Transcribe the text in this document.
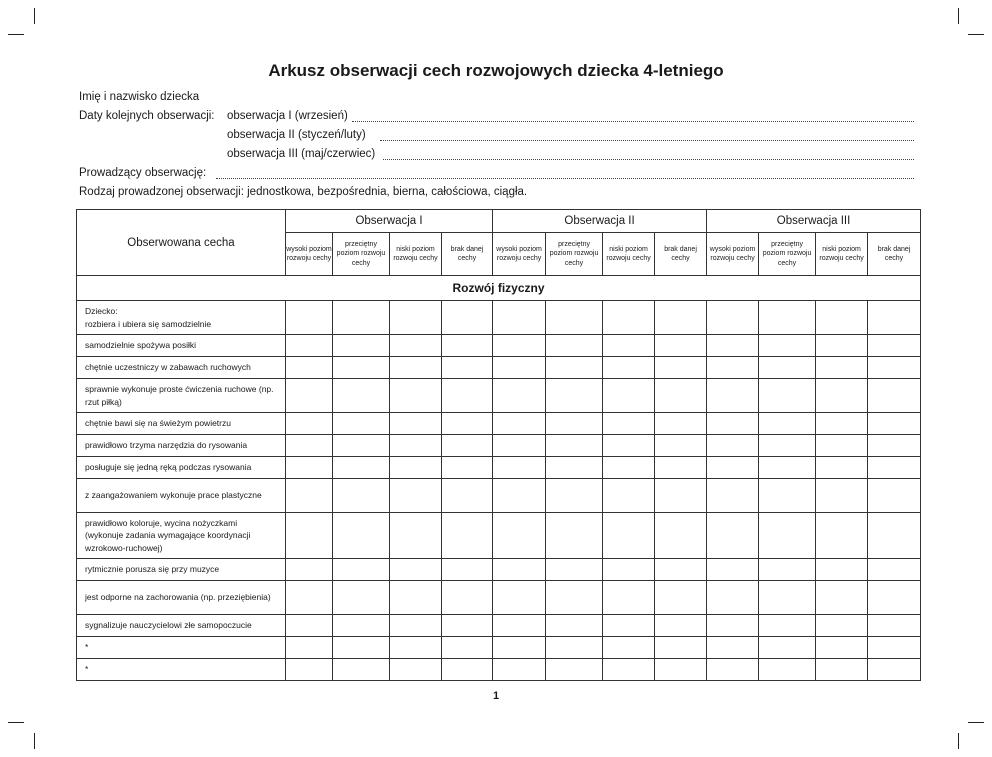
Arkusz obserwacji cech rozwojowych dziecka 4-letniego
Imię i nazwisko dziecka
Daty kolejnych obserwacji: obserwacja I (wrzesień)
obserwacja II (styczeń/luty)
obserwacja III (maj/czerwiec)
Prowadzący obserwację:
Rodzaj prowadzonej obserwacji: jednostkowa, bezpośrednia, bierna, całościowa, ciągła.
Obserwowana cecha	Obserwacja I				Obserwacja II				Obserwacja III			
	wysoki poziom rozwoju cechy	przeciętny poziom rozwoju cechy	niski poziom rozwoju cechy	brak danej cechy	wysoki poziom rozwoju cechy	przeciętny poziom rozwoju cechy	niski poziom rozwoju cechy	brak danej cechy	wysoki poziom rozwoju cechy	przeciętny poziom rozwoju cechy	niski poziom rozwoju cechy	brak danej cechy
Rozwój fizyczny												
Dziecko:
rozbiera i ubiera się samodzielnie												
samodzielnie spożywa posiłki												
chętnie uczestniczy w zabawach ruchowych												
sprawnie wykonuje proste ćwiczenia ruchowe (np. rzut piłką)												
chętnie bawi się na świeżym powietrzu												
prawidłowo trzyma narzędzia do rysowania												
posługuje się jedną ręką podczas rysowania												
z zaangażowaniem wykonuje prace plastyczne												
prawidłowo koloruje, wycina nożyczkami (wykonuje zadania wymagające koordynacji wzrokowo-ruchowej)												
rytmicznie porusza się przy muzyce												
jest odporne na zachorowania (np. przeziębienia)												
sygnalizuje nauczycielowi złe samopoczucie												
*												
*												
1
